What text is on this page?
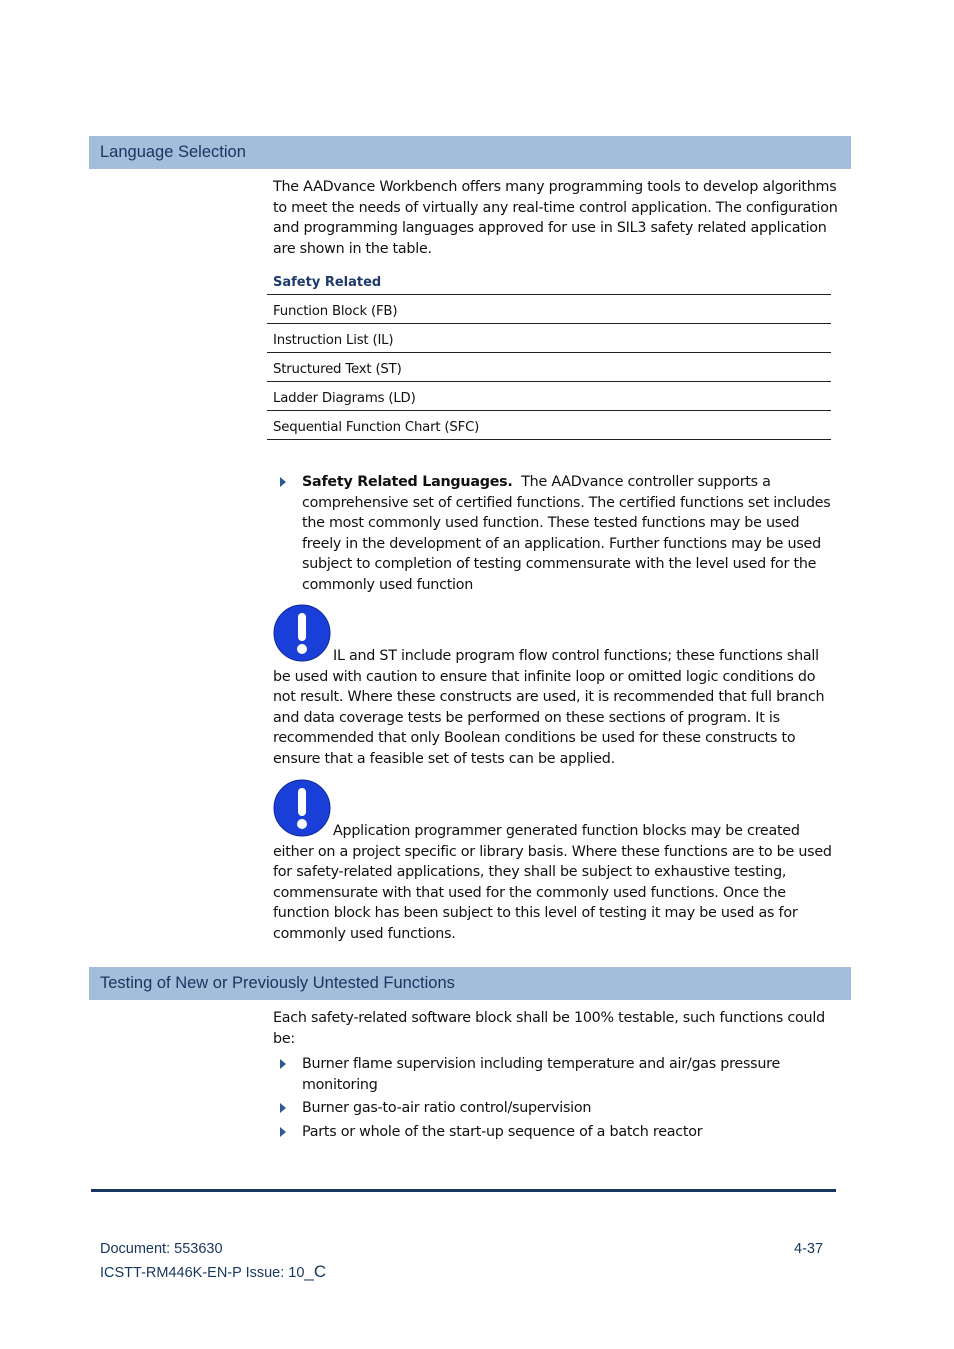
Language Selection
The AADvance Workbench offers many programming tools to develop algorithms to meet the needs of virtually any real-time control application. The configuration and programming languages approved for use in SIL3 safety related application are shown in the table.
Safety Related
Function Block (FB)
Instruction List (IL)
Structured Text (ST)
Ladder Diagrams (LD)
Sequential Function Chart (SFC)
Safety Related Languages. The AADvance controller supports a comprehensive set of certified functions. The certified functions set includes the most commonly used function. These tested functions may be used freely in the development of an application. Further functions may be used subject to completion of testing commensurate with the level used for the commonly used function
IL and ST include program flow control functions; these functions shall be used with caution to ensure that infinite loop or omitted logic conditions do not result. Where these constructs are used, it is recommended that full branch and data coverage tests be performed on these sections of program. It is recommended that only Boolean conditions be used for these constructs to ensure that a feasible set of tests can be applied.
Application programmer generated function blocks may be created either on a project specific or library basis. Where these functions are to be used for safety-related applications, they shall be subject to exhaustive testing, commensurate with that used for the commonly used functions. Once the function block has been subject to this level of testing it may be used as for commonly used functions.
Testing of New or Previously Untested Functions
Each safety-related software block shall be 100% testable, such functions could be:
Burner flame supervision including temperature and air/gas pressure monitoring
Burner gas-to-air ratio control/supervision
Parts or whole of the start-up sequence of a batch reactor
Document: 553630
ICSTT-RM446K-EN-P Issue: 10_C
4-37
